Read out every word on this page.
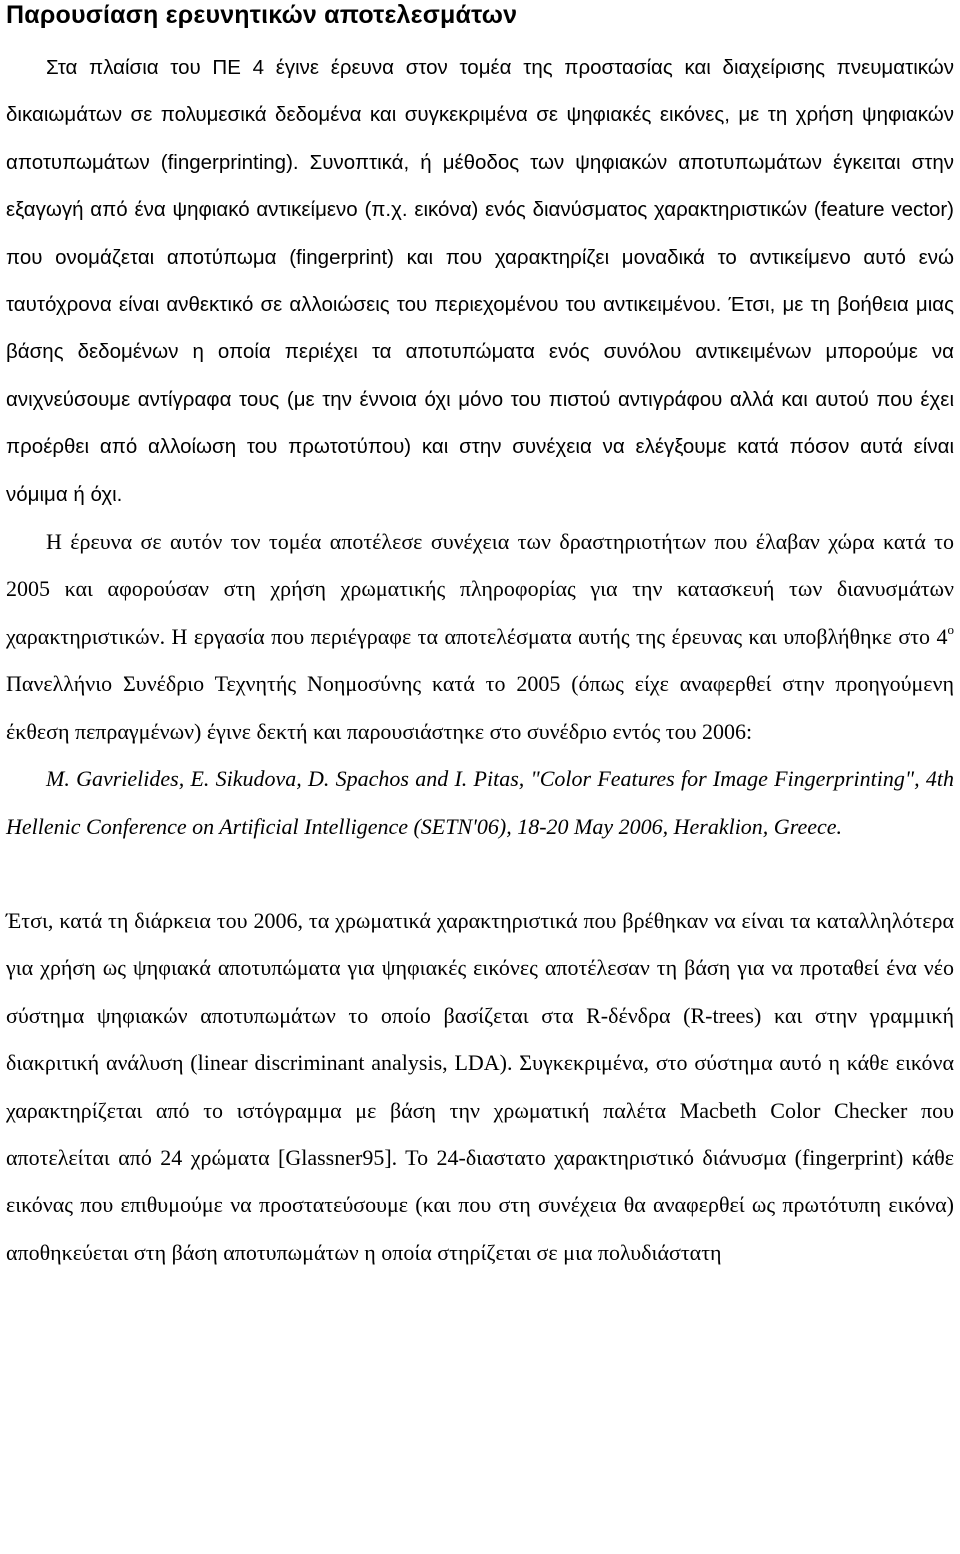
Παρουσίαση ερευνητικών αποτελεσμάτων

Στα πλαίσια του ΠΕ 4 έγινε έρευνα στον τομέα της προστασίας και διαχείρισης πνευματικών δικαιωμάτων σε πολυμεσικά δεδομένα και συγκεκριμένα σε ψηφιακές εικόνες, με τη χρήση ψηφιακών αποτυπωμάτων (fingerprinting). Συνοπτικά, ή μέθοδος των ψηφιακών αποτυπωμάτων έγκειται στην εξαγωγή από ένα ψηφιακό αντικείμενο (π.χ. εικόνα) ενός διανύσματος χαρακτηριστικών (feature vector) που ονομάζεται αποτύπωμα (fingerprint) και που χαρακτηρίζει μοναδικά το αντικείμενο αυτό ενώ ταυτόχρονα είναι ανθεκτικό σε αλλοιώσεις του περιεχομένου του αντικειμένου. Έτσι, με τη βοήθεια μιας βάσης δεδομένων η οποία περιέχει τα αποτυπώματα ενός συνόλου αντικειμένων μπορούμε να ανιχνεύσουμε αντίγραφα τους (με την έννοια όχι μόνο του πιστού αντιγράφου αλλά και αυτού που έχει προέρθει από αλλοίωση του πρωτοτύπου) και στην συνέχεια να ελέγξουμε κατά πόσον αυτά είναι νόμιμα ή όχι.

Η έρευνα σε αυτόν τον τομέα αποτέλεσε συνέχεια των δραστηριοτήτων που έλαβαν χώρα κατά το 2005 και αφορούσαν στη χρήση χρωματικής πληροφορίας για την κατασκευή των διανυσμάτων χαρακτηριστικών. Η εργασία που περιέγραφε τα αποτελέσματα αυτής της έρευνας και υποβλήθηκε στο $4^o$ Πανελλήνιο Συνέδριο Τεχνητής Νοημοσύνης κατά το 2005 (όπως είχε αναφερθεί στην προηγούμενη έκθεση πεπραγμένων) έγινε δεκτή και παρουσιάστηκε στο συνέδριο εντός του 2006:

M. Gavrielides, E. Sikudova, D. Spachos and I. Pitas, "Color Features for Image Fingerprinting", 4th Hellenic Conference on Artificial Intelligence (SETN'06), 18-20 May 2006, Heraklion, Greece.

Έτσι, κατά τη διάρκεια του 2006, τα χρωματικά χαρακτηριστικά που βρέθηκαν να είναι τα καταλληλότερα για χρήση ως ψηφιακά αποτυπώματα για ψηφιακές εικόνες αποτέλεσαν τη βάση για να προταθεί ένα νέο σύστημα ψηφιακών αποτυπωμάτων το οποίο βασίζεται στα R-δένδρα (R-trees) και στην γραμμική διακριτική ανάλυση (linear discriminant analysis, LDA). Συγκεκριμένα, στο σύστημα αυτό η κάθε εικόνα χαρακτηρίζεται από το ιστόγραμμα με βάση την χρωματική παλέτα Macbeth Color Checker που αποτελείται από 24 χρώματα [Glassner95]. Το 24-διαστατο χαρακτηριστικό διάνυσμα (fingerprint) κάθε εικόνας που επιθυμούμε να προστατεύσουμε (και που στη συνέχεια θα αναφερθεί ως πρωτότυπη εικόνα) αποθηκεύεται στη βάση αποτυπωμάτων η οποία στηρίζεται σε μια πολυδιάστατη
